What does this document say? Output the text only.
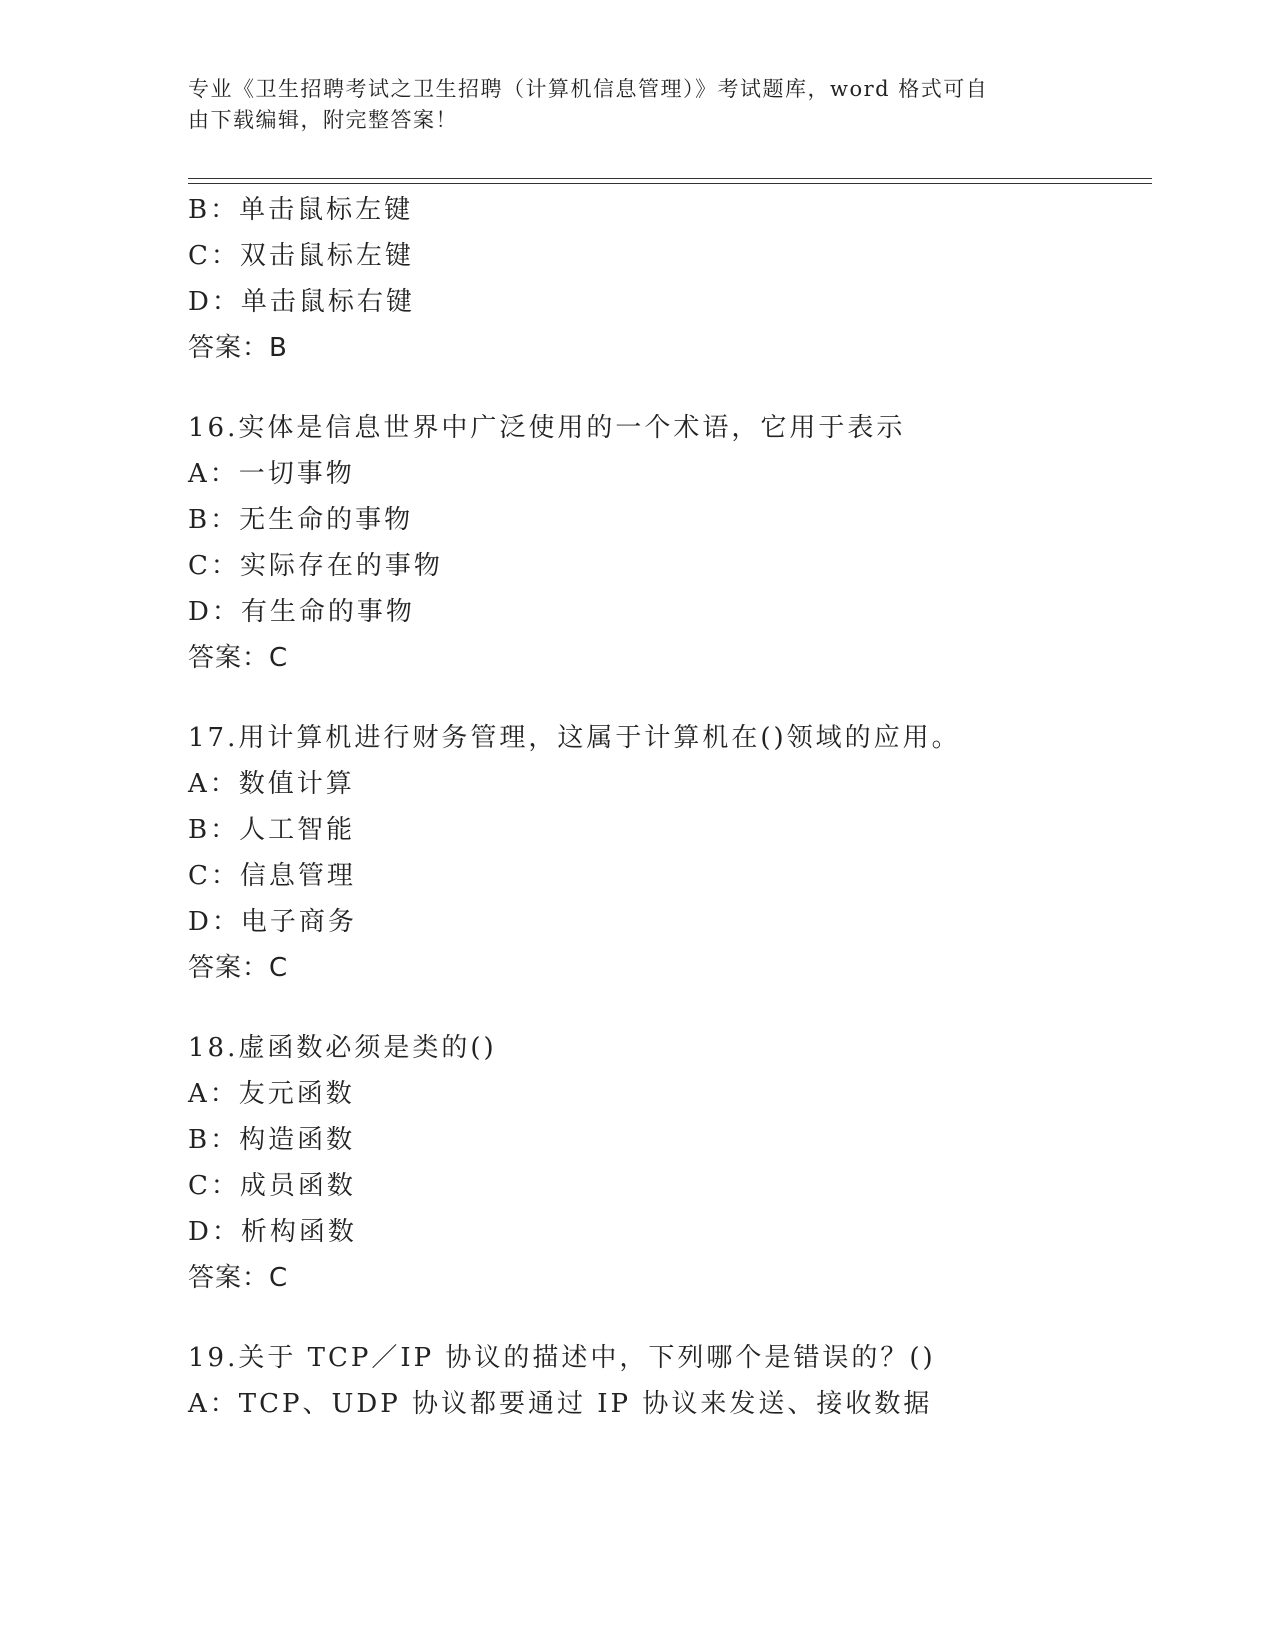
专业《卫生招聘考试之卫生招聘（计算机信息管理）》考试题库，word 格式可自
由下载编辑，附完整答案！
B：单击鼠标左键
C：双击鼠标左键
D：单击鼠标右键
答案：B
16.实体是信息世界中广泛使用的一个术语，它用于表示
A：一切事物
B：无生命的事物
C：实际存在的事物
D：有生命的事物
答案：C
17.用计算机进行财务管理，这属于计算机在()领域的应用。
A：数值计算
B：人工智能
C：信息管理
D：电子商务
答案：C
18.虚函数必须是类的()
A：友元函数
B：构造函数
C：成员函数
D：析构函数
答案：C
19.关于 TCP／IP 协议的描述中，下列哪个是错误的？()
A：TCP、UDP 协议都要通过 IP 协议来发送、接收数据
